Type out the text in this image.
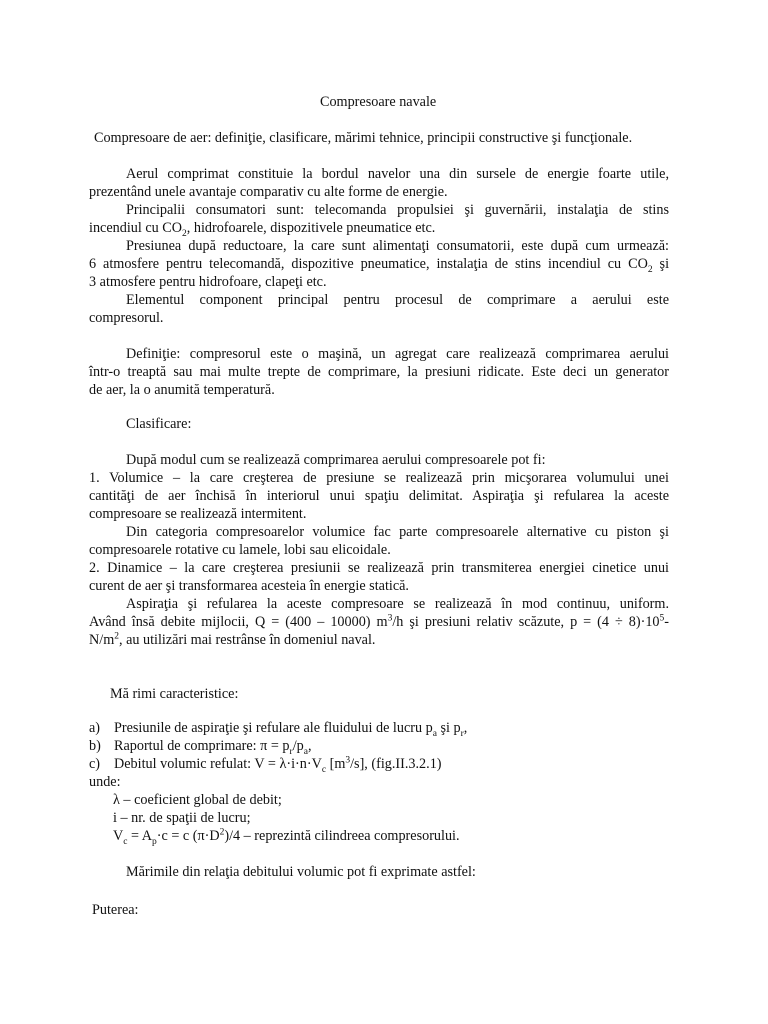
Compresoare navale
Compresoare de aer: definiţie, clasificare, mărimi tehnice, principii constructive şi funcţionale.
Aerul comprimat constituie la bordul navelor una din sursele de energie foarte utile,
prezentând unele avantaje comparativ cu alte forme de energie.
Principalii consumatori sunt: telecomanda propulsiei şi guvernării, instalaţia de stins
incendiul cu $CO_2$, hidrofoarele, dispozitivele pneumatice etc.
Presiunea după reductoare, la care sunt alimentaţi consumatorii, este după cum urmează:
6 atmosfere pentru telecomandă, dispozitive pneumatice, instalaţia de stins incendiul cu $CO_2$ şi
3 atmosfere pentru hidrofoare, clapeţi etc.
Elementul component principal pentru procesul de comprimare a aerului este
compresorul.
Definiţie: compresorul este o maşină, un agregat care realizează comprimarea aerului
într-o treaptă sau mai multe trepte de comprimare, la presiuni ridicate. Este deci un generator
de aer, la o anumită temperatură.
Clasificare:
După modul cum se realizează comprimarea aerului compresoarele pot fi:
1. Volumice – la care creşterea de presiune se realizează prin micşorarea volumului unei
cantităţi de aer închisă în interiorul unui spaţiu delimitat. Aspiraţia şi refularea la aceste
compresoare se realizează intermitent.
Din categoria compresoarelor volumice fac parte compresoarele alternative cu piston şi
compresoarele rotative cu lamele, lobi sau elicoidale.
2. Dinamice – la care creşterea presiunii se realizează prin transmiterea energiei cinetice unui
curent de aer şi transformarea acesteia în energie statică.
Aspiraţia şi refularea la aceste compresoare se realizează în mod continuu, uniform.
Având însă debite mijlocii, Q = (400 – 10000) $m^3/h$ şi presiuni relativ scăzute, $p = (4 \div 8)\cdot 10^5-$
$N/m^2$, au utilizări mai restrânse în domeniul naval.
Mă rimi caracteristice:
a) Presiunile de aspiraţie şi refulare ale fluidului de lucru $p_a$ şi $p_r$,
b) Raportul de comprimare: $\pi = p_r/p_a$,
c) Debitul volumic refulat: $V = \lambda\cdot i\cdot n\cdot V_c$ $[m^3/s]$, (fig.II.3.2.1)
unde:
λ – coeficient global de debit;
i – nr. de spaţii de lucru;
$V_c = A_p\cdot c = c$ $(\pi\cdot D^2)/4$ – reprezintă cilindreea compresorului.
Mărimile din relaţia debitului volumic pot fi exprimate astfel:
Puterea:
